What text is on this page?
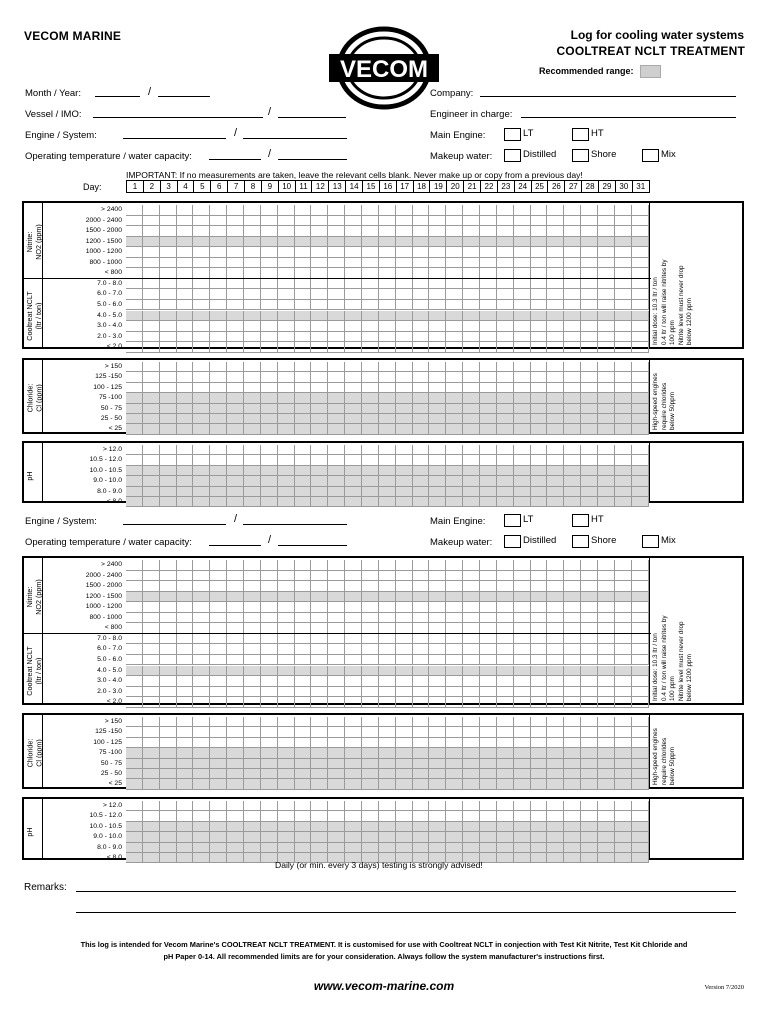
VECOM MARINE
VECOM
Log for cooling water systems
COOLTREAT NCLT TREATMENT
Recommended range:
Month / Year:	/
Vessel / IMO:	/
Engine / System:	/
Operating temperature / water capacity:	/
Company:
Engineer in charge:
Main Engine:	LT	HT
Makeup water:	Distilled	Shore	Mix
IMPORTANT: If no measurements are taken, leave the relevant cells blank. Never make up or copy from a previous day!
Day:	1	2	3	4	5	6	7	8	9	10	11	12 13 14 15 16 17 18 19 20 21 22 23 24 25 26 27 28 29 30 31
> 2400
2000 - 2400
1500 - 2000
1200 - 1500
1000 - 1200
800 - 1000
< 800
Nitrite:
NO2 (ppm)
7.0 - 8.0
6.0 - 7.0
5.0 - 6.0
4.0 - 5.0
3.0 - 4.0
2.0 - 3.0
< 2.0
Cooltreat NCLT
(ltr / ton)
Initial dose: 10.3 ltr / ton
0.4 ltr / ton will raise nitrites by 100 ppm
Nitrite level must never drop
below 1200 ppm
> 150
125 -150
100 - 125
75 -100
50 - 75
25 - 50
< 25
Chloride:
Cl (ppm)
High-speed engines
require chlorides
below 50ppm
> 12.0
10.5 - 12.0
10.0 - 10.5
9.0 - 10.0
8.0 - 9.0
< 8.0
pH
> 2400
2000 - 2400
1500 - 2000
1200 - 1500
1000 - 1200
800 - 1000
< 800
Nitrite:
NO2 (ppm)
7.0 - 8.0
6.0 - 7.0
5.0 - 6.0
4.0 - 5.0
3.0 - 4.0
2.0 - 3.0
< 2.0
Cooltreat NCLT
(ltr / ton)
Initial dose: 10.3 ltr / ton
0.4 ltr / ton will raise nitrites by 100 ppm
Nitrite level must never drop
below 1200 ppm
> 150
125 -150
100 - 125
75 -100
50 - 75
25 - 50
< 25
Chloride:
Cl (ppm)
High-speed engines
require chlorides
below 50ppm
> 12.0
10.5 - 12.0
10.0 - 10.5
9.0 - 10.0
8.0 - 9.0
< 8.0
pH
Engine / System:	/
Operating temperature / water capacity:	/
Main Engine:	LT	HT
Makeup water:	Distilled	Shore	Mix
Daily (or min. every 3 days) testing is strongly advised!
Remarks:
This log is intended for Vecom Marine's COOLTREAT NCLT TREATMENT. It is customised for use with Cooltreat NCLT in conjection with Test Kit Nitrite, Test Kit Chloride and
pH Paper 0-14. All recommended limits are for your consideration. Always follow the system manufacturer's instructions first.
www.vecom-marine.com	Version 7/2020
